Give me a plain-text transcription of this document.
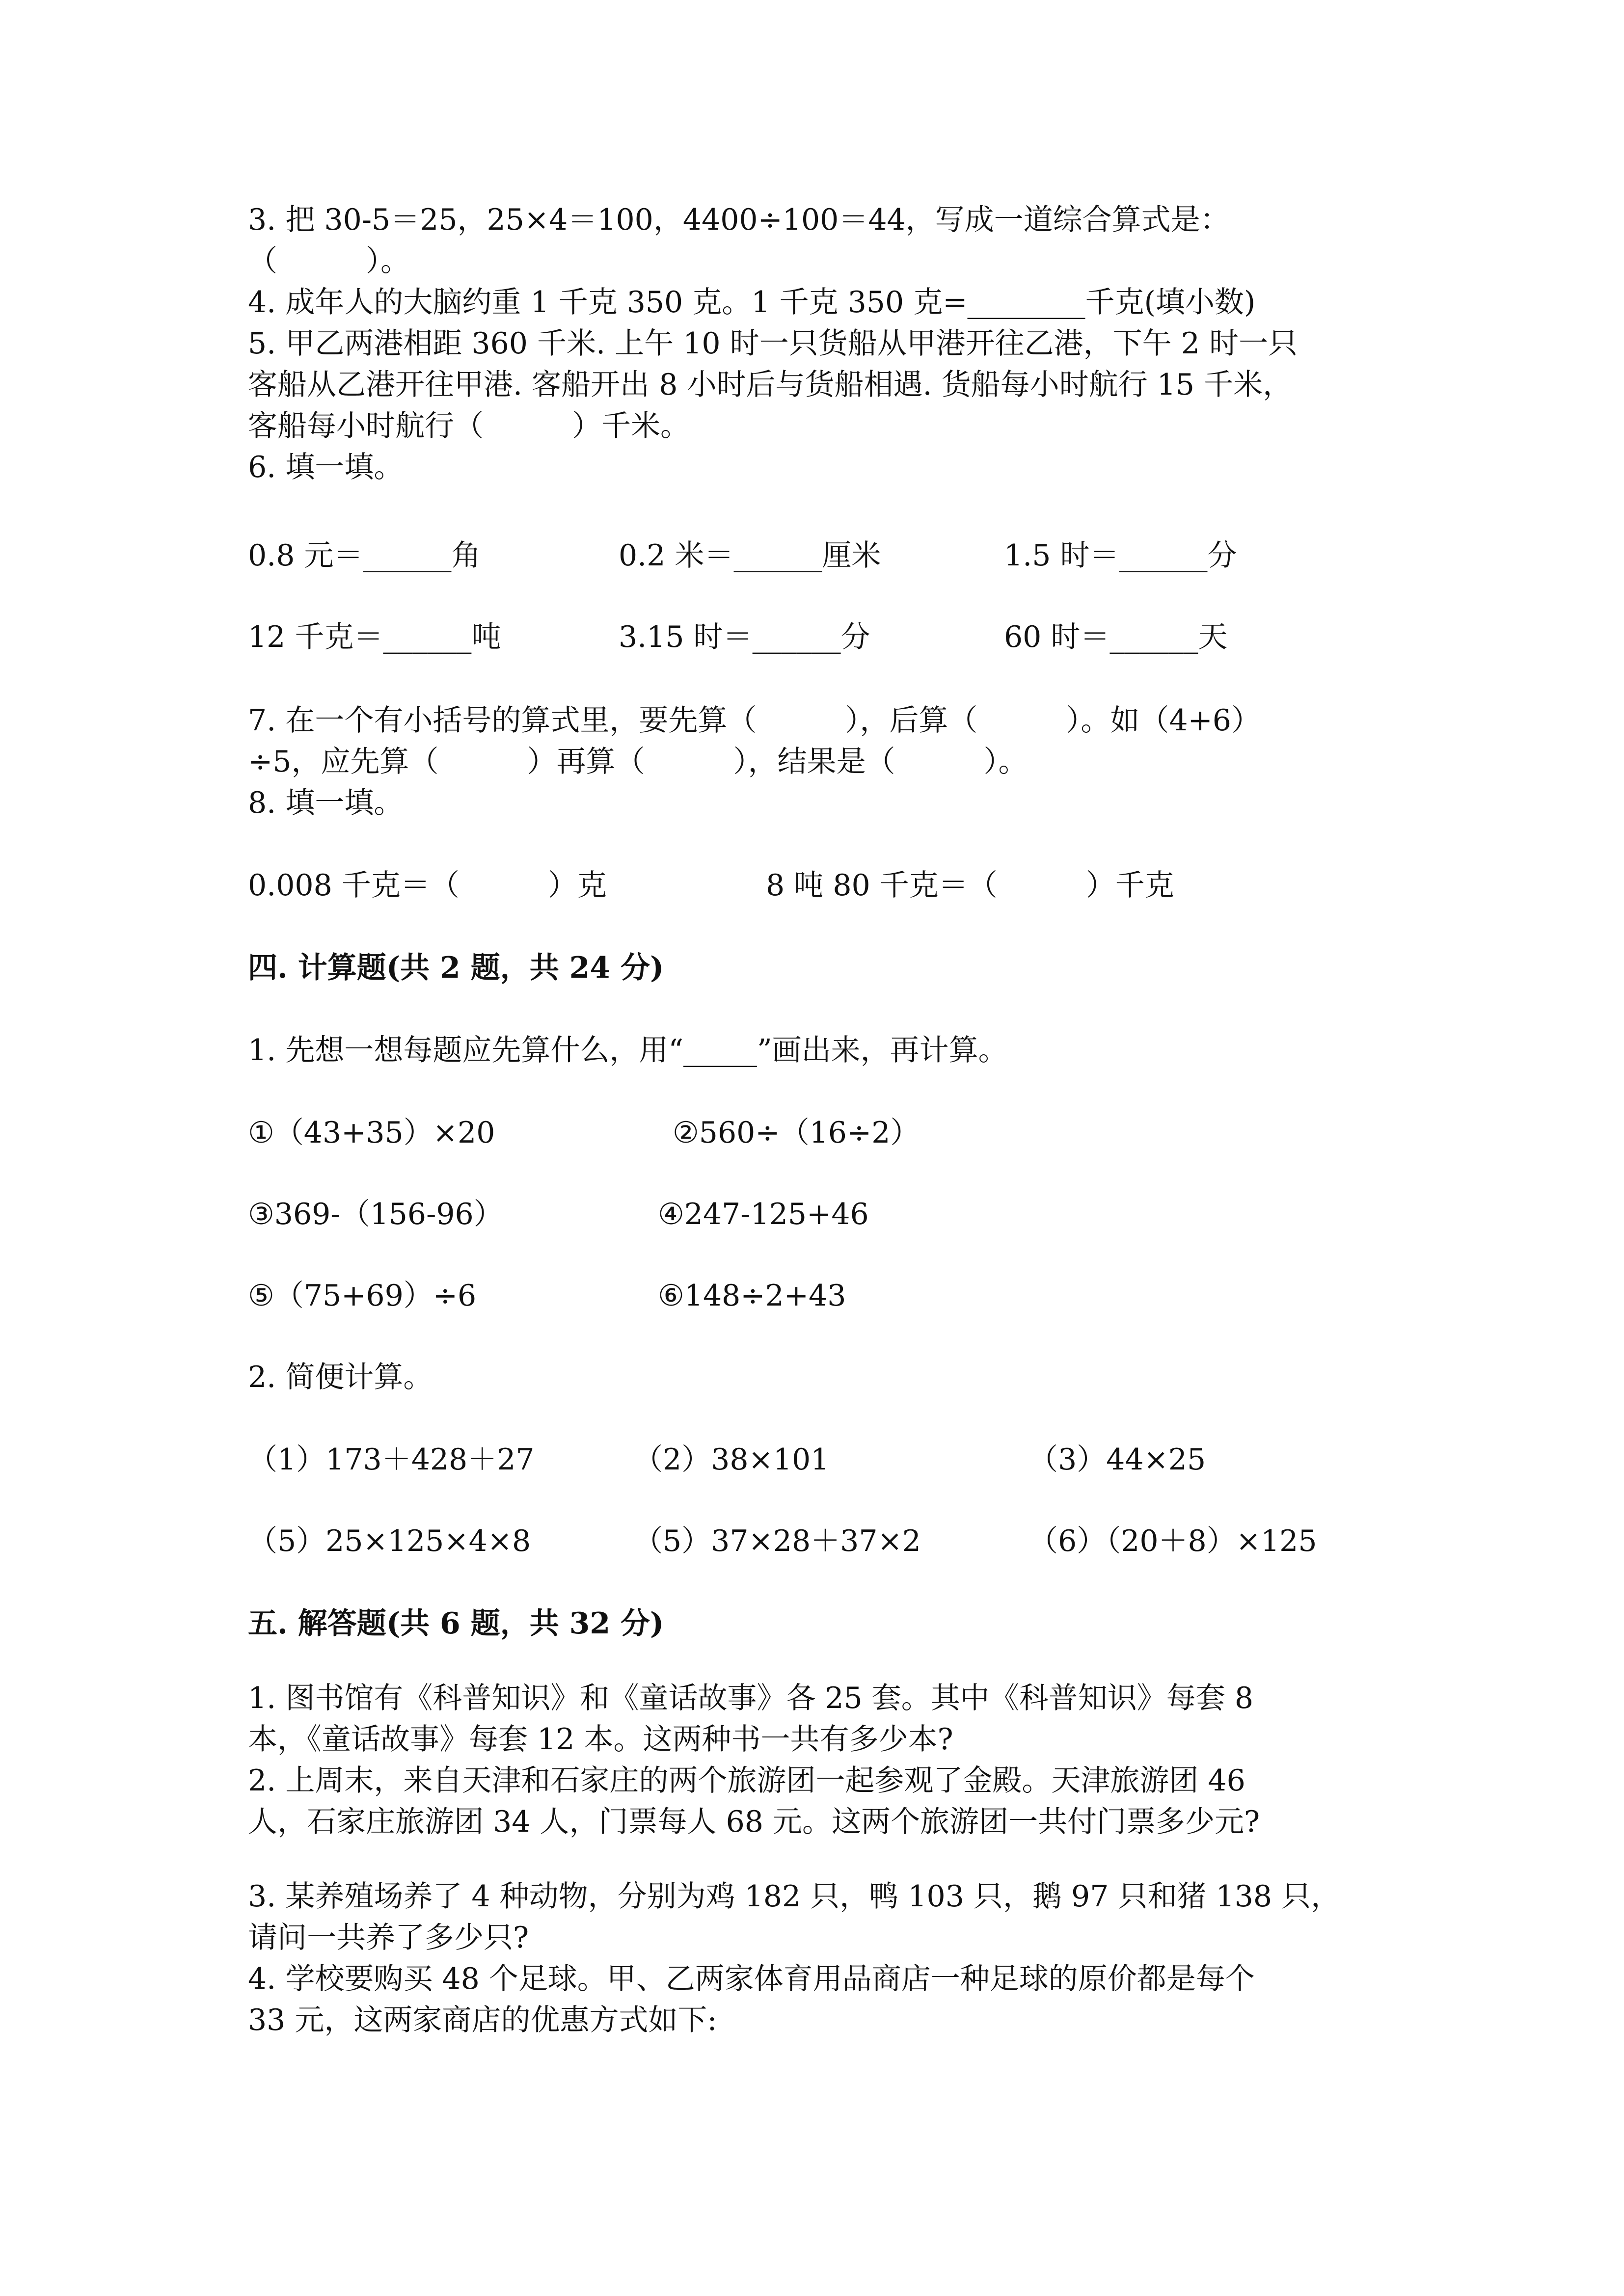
3. 把 30-5＝25，25×4＝100，4400÷100＝44，写成一道综合算式是：
（　　　）。
4. 成年人的大脑约重 1 千克 350 克。1 千克 350 克=________千克(填小数)
5. 甲乙两港相距 360 千米. 上午 10 时一只货船从甲港开往乙港，下午 2 时一只
客船从乙港开往甲港. 客船开出 8 小时后与货船相遇. 货船每小时航行 15 千米，
客船每小时航行（　　　）千米。
6. 填一填。
0.8 元＝______角	0.2 米＝______厘米	1.5 时＝______分
12 千克＝______吨	3.15 时＝______分	60 时＝______天
7. 在一个有小括号的算式里，要先算（　　　），后算（　　　）。如（4+6）
÷5，应先算（　　　）再算（　　　），结果是（　　　）。
8. 填一填。
0.008 千克＝（　　　）克	8 吨 80 千克＝（　　　）千克
四. 计算题(共 2 题，共 24 分)
1. 先想一想每题应先算什么，用“_____”画出来，再计算。
①（43+35）×20	②560÷（16÷2）
③369-（156-96）	④247-125+46
⑤（75+69）÷6	⑥148÷2+43
2. 简便计算。
（1）173＋428＋27	（2）38×101	（3）44×25
（5）25×125×4×8	（5）37×28＋37×2	（6）（20＋8）×125
五. 解答题(共 6 题，共 32 分)
1. 图书馆有《科普知识》和《童话故事》各 25 套。其中《科普知识》每套 8
本，《童话故事》每套 12 本。这两种书一共有多少本?
2. 上周末，来自天津和石家庄的两个旅游团一起参观了金殿。天津旅游团 46
人，石家庄旅游团 34 人，门票每人 68 元。这两个旅游团一共付门票多少元?
3. 某养殖场养了 4 种动物，分别为鸡 182 只，鸭 103 只，鹅 97 只和猪 138 只，
请问一共养了多少只?
4. 学校要购买 48 个足球。甲、乙两家体育用品商店一种足球的原价都是每个
33 元，这两家商店的优惠方式如下:
